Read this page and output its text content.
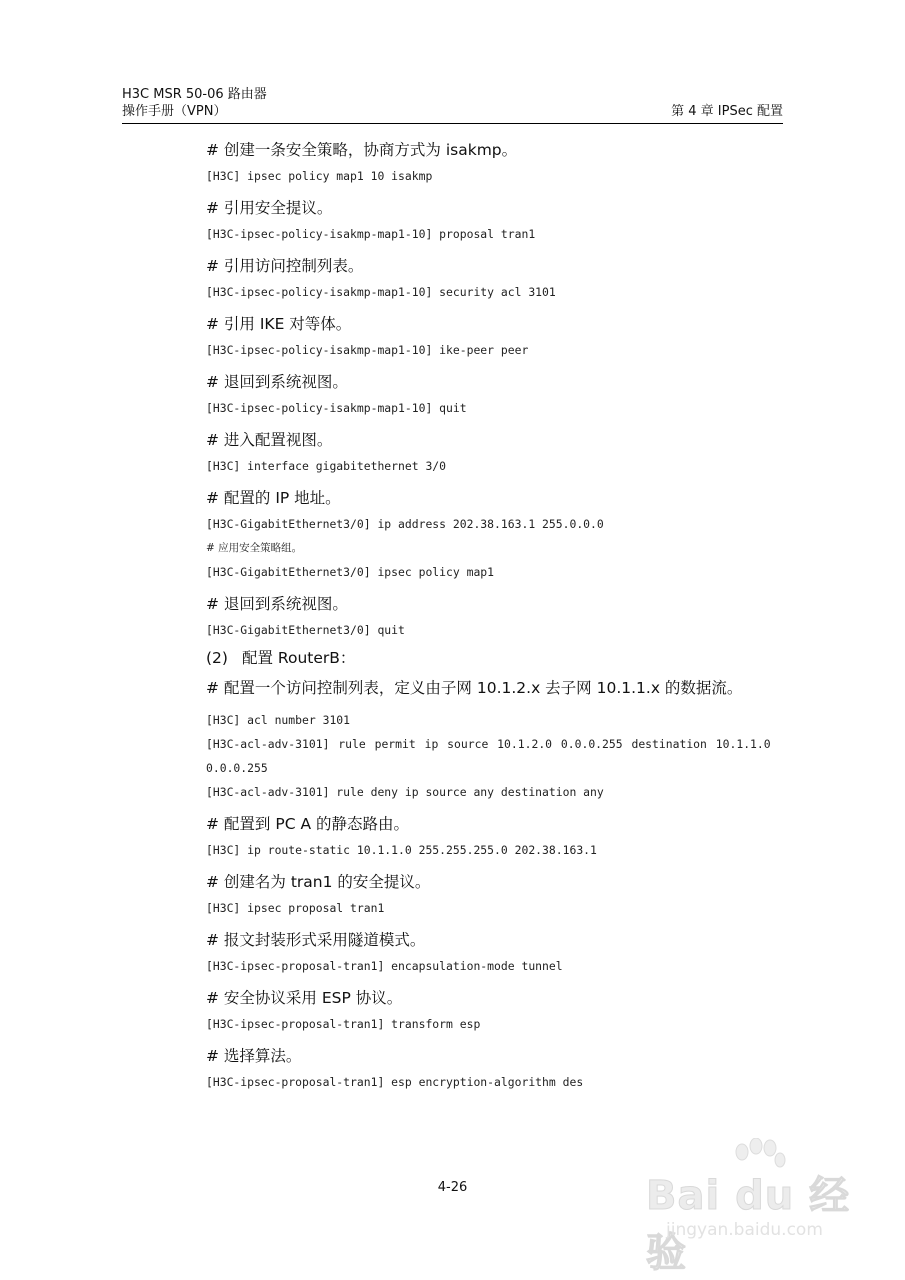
H3C MSR 50-06 路由器
操作手册（VPN）	第 4 章 IPSec 配置

# 创建一条安全策略，协商方式为 isakmp。

[H3C] ipsec policy map1 10 isakmp

# 引用安全提议。

[H3C-ipsec-policy-isakmp-map1-10] proposal tran1

# 引用访问控制列表。

[H3C-ipsec-policy-isakmp-map1-10] security acl 3101

# 引用 IKE 对等体。

[H3C-ipsec-policy-isakmp-map1-10] ike-peer peer

# 退回到系统视图。

[H3C-ipsec-policy-isakmp-map1-10] quit

# 进入配置视图。

[H3C] interface gigabitethernet 3/0

# 配置的 IP 地址。

[H3C-GigabitEthernet3/0] ip address 202.38.163.1 255.0.0.0

# 应用安全策略组。

[H3C-GigabitEthernet3/0] ipsec policy map1

# 退回到系统视图。

[H3C-GigabitEthernet3/0] quit

(2) 配置 RouterB：

# 配置一个访问控制列表，定义由子网 10.1.2.x 去子网 10.1.1.x 的数据流。

[H3C] acl number 3101

[H3C-acl-adv-3101] rule permit ip source 10.1.2.0 0.0.0.255 destination 10.1.1.0 0.0.0.255

[H3C-acl-adv-3101] rule deny ip source any destination any

# 配置到 PC A 的静态路由。

[H3C] ip route-static 10.1.1.0 255.255.255.0 202.38.163.1

# 创建名为 tran1 的安全提议。

[H3C] ipsec proposal tran1

# 报文封装形式采用隧道模式。

[H3C-ipsec-proposal-tran1] encapsulation-mode tunnel

# 安全协议采用 ESP 协议。

[H3C-ipsec-proposal-tran1] transform esp

# 选择算法。

[H3C-ipsec-proposal-tran1] esp encryption-algorithm des

4-26	Bai du 经验
jingyan.baidu.com
